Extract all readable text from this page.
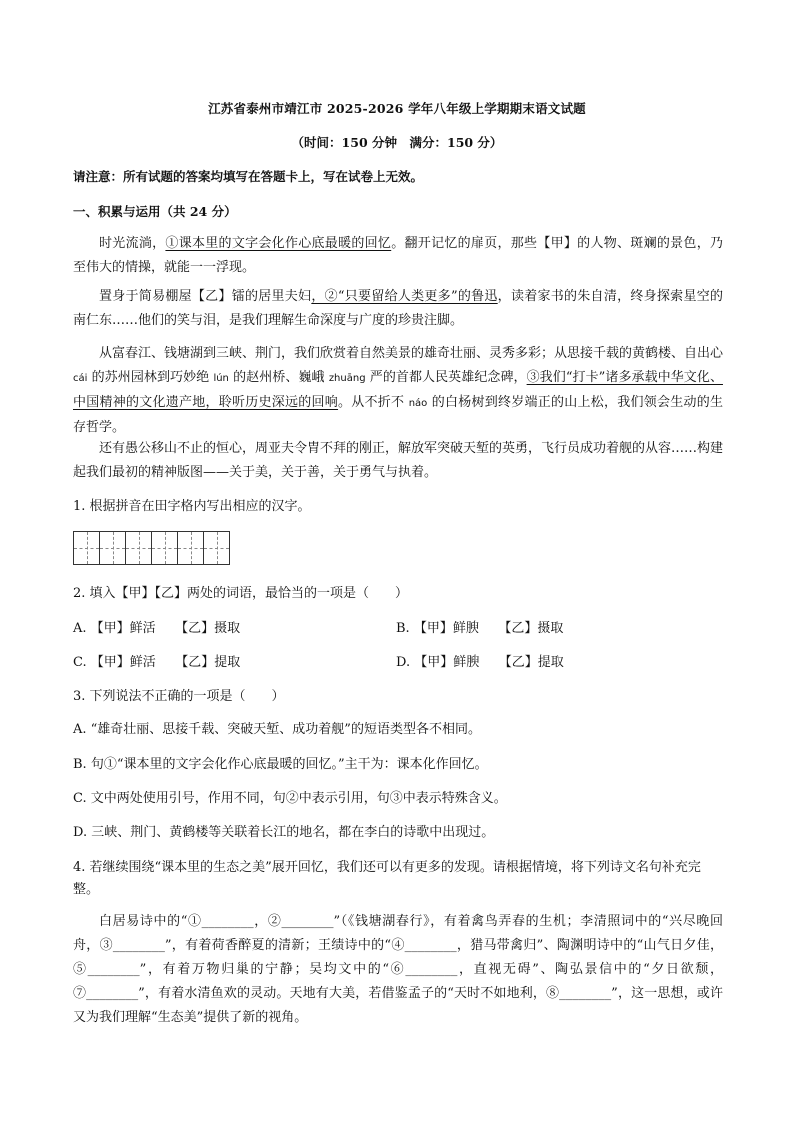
江苏省泰州市靖江市 2025-2026 学年八年级上学期期末语文试题
（时间：150 分钟　满分：150 分）
请注意：所有试题的答案均填写在答题卡上，写在试卷上无效。
一、积累与运用（共 24 分）

时光流淌，①课本里的文字会化作心底最暖的回忆。翻开记忆的扉页，那些【甲】的人物、斑斓的景色，乃至伟大的情操，就能一一浮现。

置身于简易棚屋【乙】镭的居里夫妇，②“只要留给人类更多”的鲁迅，读着家书的朱自清，终身探索星空的南仁东……他们的笑与泪，是我们理解生命深度与广度的珍贵注脚。

从富春江、钱塘湖到三峡、荆门，我们欣赏着自然美景的雄奇壮丽、灵秀多彩；从思接千载的黄鹤楼、自出心 cái 的苏州园林到巧妙绝 lún 的赵州桥、巍峨 zhuāng 严的首都人民英雄纪念碑，③我们“打卡”诸多承载中华文化、中国精神的文化遗产地，聆听历史深远的回响。从不折不 náo 的白杨树到终岁端正的山上松，我们领会生动的生存哲学。

还有愚公移山不止的恒心，周亚夫令胄不拜的刚正，解放军突破天堑的英勇，飞行员成功着舰的从容……构建起我们最初的精神版图——关于美，关于善，关于勇气与执着。

1. 根据拼音在田字格内写出相应的汉字。

2. 填入【甲】【乙】两处的词语，最恰当的一项是（　　）

A. 【甲】鲜活　　【乙】摄取	B. 【甲】鲜腴　　【乙】摄取
C. 【甲】鲜活　　【乙】提取	D. 【甲】鲜腴　　【乙】提取

3. 下列说法不正确的一项是（　　）

A. “雄奇壮丽、思接千载、突破天堑、成功着舰”的短语类型各不相同。
B. 句①“课本里的文字会化作心底最暖的回忆。”主干为：课本化作回忆。
C. 文中两处使用引号，作用不同，句②中表示引用，句③中表示特殊含义。
D. 三峡、荆门、黄鹤楼等关联着长江的地名，都在李白的诗歌中出现过。

4. 若继续围绕“课本里的生态之美”展开回忆，我们还可以有更多的发现。请根据情境，将下列诗文名句补充完整。

白居易诗中的“①________，②________”（《钱塘湖春行》，有着禽鸟弄春的生机；李清照词中的“兴尽晚回舟，③________”，有着荷香醉夏的清新；王绩诗中的“④________，猎马带禽归”、陶渊明诗中的“山气日夕佳，⑤________”，有着万物归巢的宁静；吴均文中的“⑥________，直视无碍”、陶弘景信中的“夕日欲颓，⑦________”，有着水清鱼欢的灵动。天地有大美，若借鉴孟子的“天时不如地利，⑧________”，这一思想，或许又为我们理解“生态美”提供了新的视角。
